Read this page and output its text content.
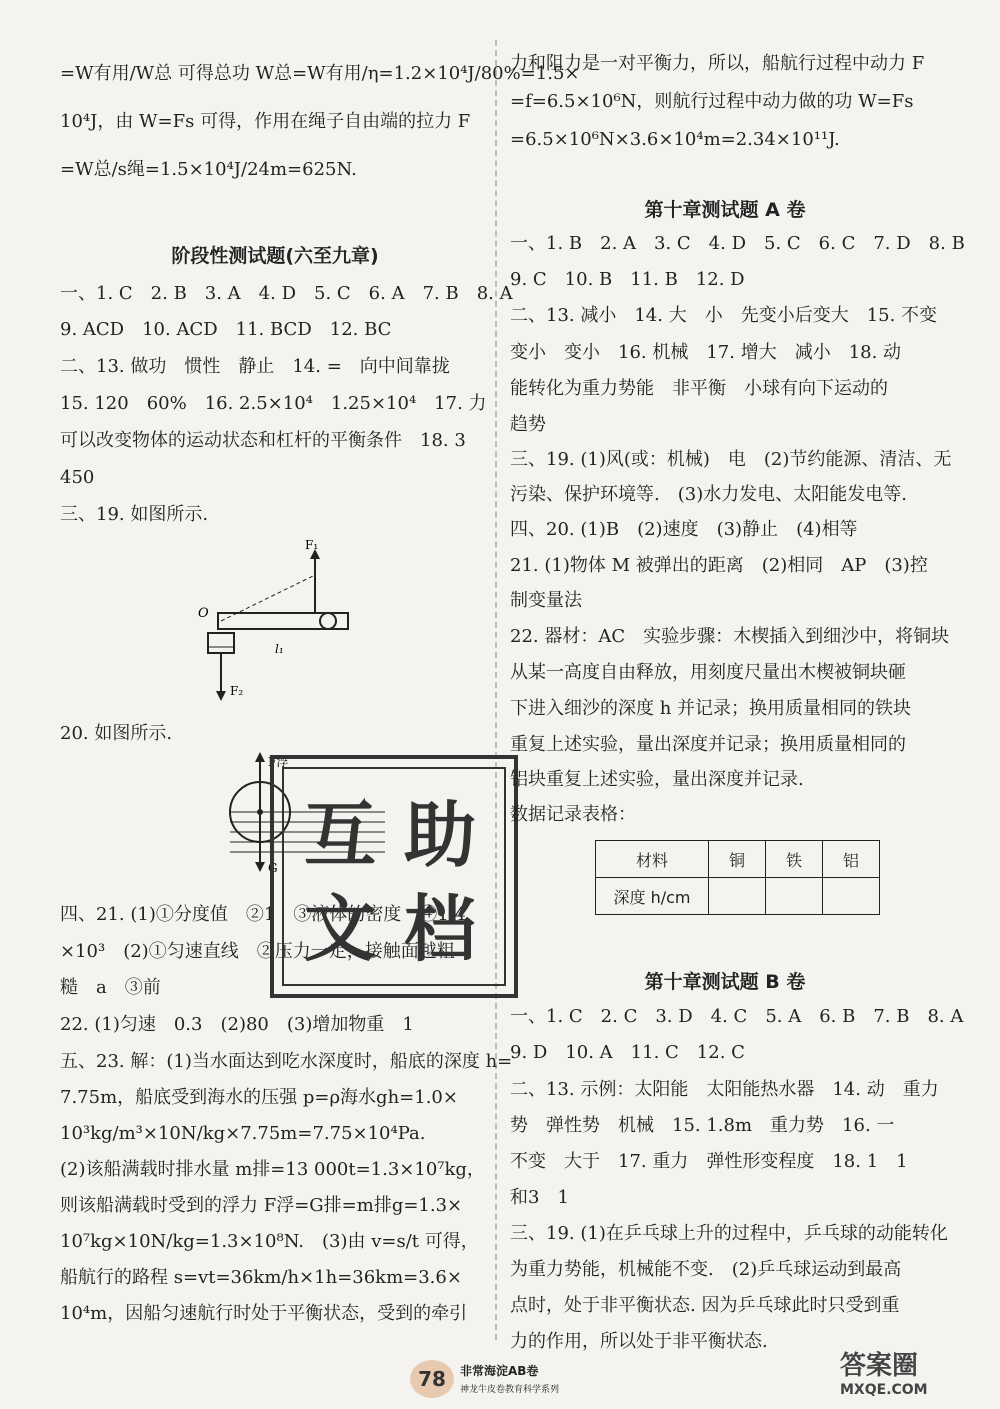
=W有用/W总 可得总功 W总=W有用/η=1.2×10⁴J/80%=1.5×
10⁴J，由 W=Fs 可得，作用在绳子自由端的拉力 F
=W总/s绳=1.5×10⁴J/24m=625N.
阶段性测试题(六至九章)
一、1. C　2. B　3. A　4. D　5. C　6. A　7. B　8. A
9. ACD　10. ACD　11. BCD　12. BC
二、13. 做功　惯性　静止　14. =　向中间靠拢
15. 120　60%　16. 2.5×10⁴　1.25×10⁴　17. 力
可以改变物体的运动状态和杠杆的平衡条件　18. 3
450
三、19. 如图所示.
F₁
O
l₁
F₂
20. 如图所示.
F浮
G
四、21. (1)①分度值　②1　③液体的密度　④1.4
×10³　(2)①匀速直线　②压力一定，接触面越粗
糙　a　③前
22. (1)匀速　0.3　(2)80　(3)增加物重　1
五、23. 解：(1)当水面达到吃水深度时，船底的深度 h=
7.75m，船底受到海水的压强 p=ρ海水gh=1.0×
10³kg/m³×10N/kg×7.75m=7.75×10⁴Pa.
(2)该船满载时排水量 m排=13 000t=1.3×10⁷kg，
则该船满载时受到的浮力 F浮=G排=m排g=1.3×
10⁷kg×10N/kg=1.3×10⁸N.　(3)由 v=s/t 可得，
船航行的路程 s=vt=36km/h×1h=36km=3.6×
10⁴m，因船匀速航行时处于平衡状态，受到的牵引
互 助
文 档
力和阻力是一对平衡力，所以，船航行过程中动力 F
=f=6.5×10⁶N，则航行过程中动力做的功 W=Fs
=6.5×10⁶N×3.6×10⁴m=2.34×10¹¹J.
第十章测试题 A 卷
一、1. B　2. A　3. C　4. D　5. C　6. C　7. D　8. B
9. C　10. B　11. B　12. D
二、13. 减小　14. 大　小　先变小后变大　15. 不变
变小　变小　16. 机械　17. 增大　减小　18. 动
能转化为重力势能　非平衡　小球有向下运动的
趋势
三、19. (1)风(或：机械)　电　(2)节约能源、清洁、无
污染、保护环境等.　(3)水力发电、太阳能发电等.
四、20. (1)B　(2)速度　(3)静止　(4)相等
21. (1)物体 M 被弹出的距离　(2)相同　AP　(3)控
制变量法
22. 器材：AC　实验步骤：木楔插入到细沙中，将铜块
从某一高度自由释放，用刻度尺量出木楔被铜块砸
下进入细沙的深度 h 并记录；换用质量相同的铁块
重复上述实验，量出深度并记录；换用质量相同的
铝块重复上述实验，量出深度并记录.
数据记录表格：
材料	铜	铁	铝
深度 h/cm			
第十章测试题 B 卷
一、1. C　2. C　3. D　4. C　5. A　6. B　7. B　8. A
9. D　10. A　11. C　12. C
二、13. 示例：太阳能　太阳能热水器　14. 动　重力
势　弹性势　机械　15. 1.8m　重力势　16. 一
不变　大于　17. 重力　弹性形变程度　18. 1　1
和3　1
三、19. (1)在乒乓球上升的过程中，乒乓球的动能转化
为重力势能，机械能不变.　(2)乒乓球运动到最高
点时，处于非平衡状态. 因为乒乓球此时只受到重
力的作用，所以处于非平衡状态.
78	非常海淀AB卷
神龙牛皮卷教育科学系列
答案圈
MXQE.COM
